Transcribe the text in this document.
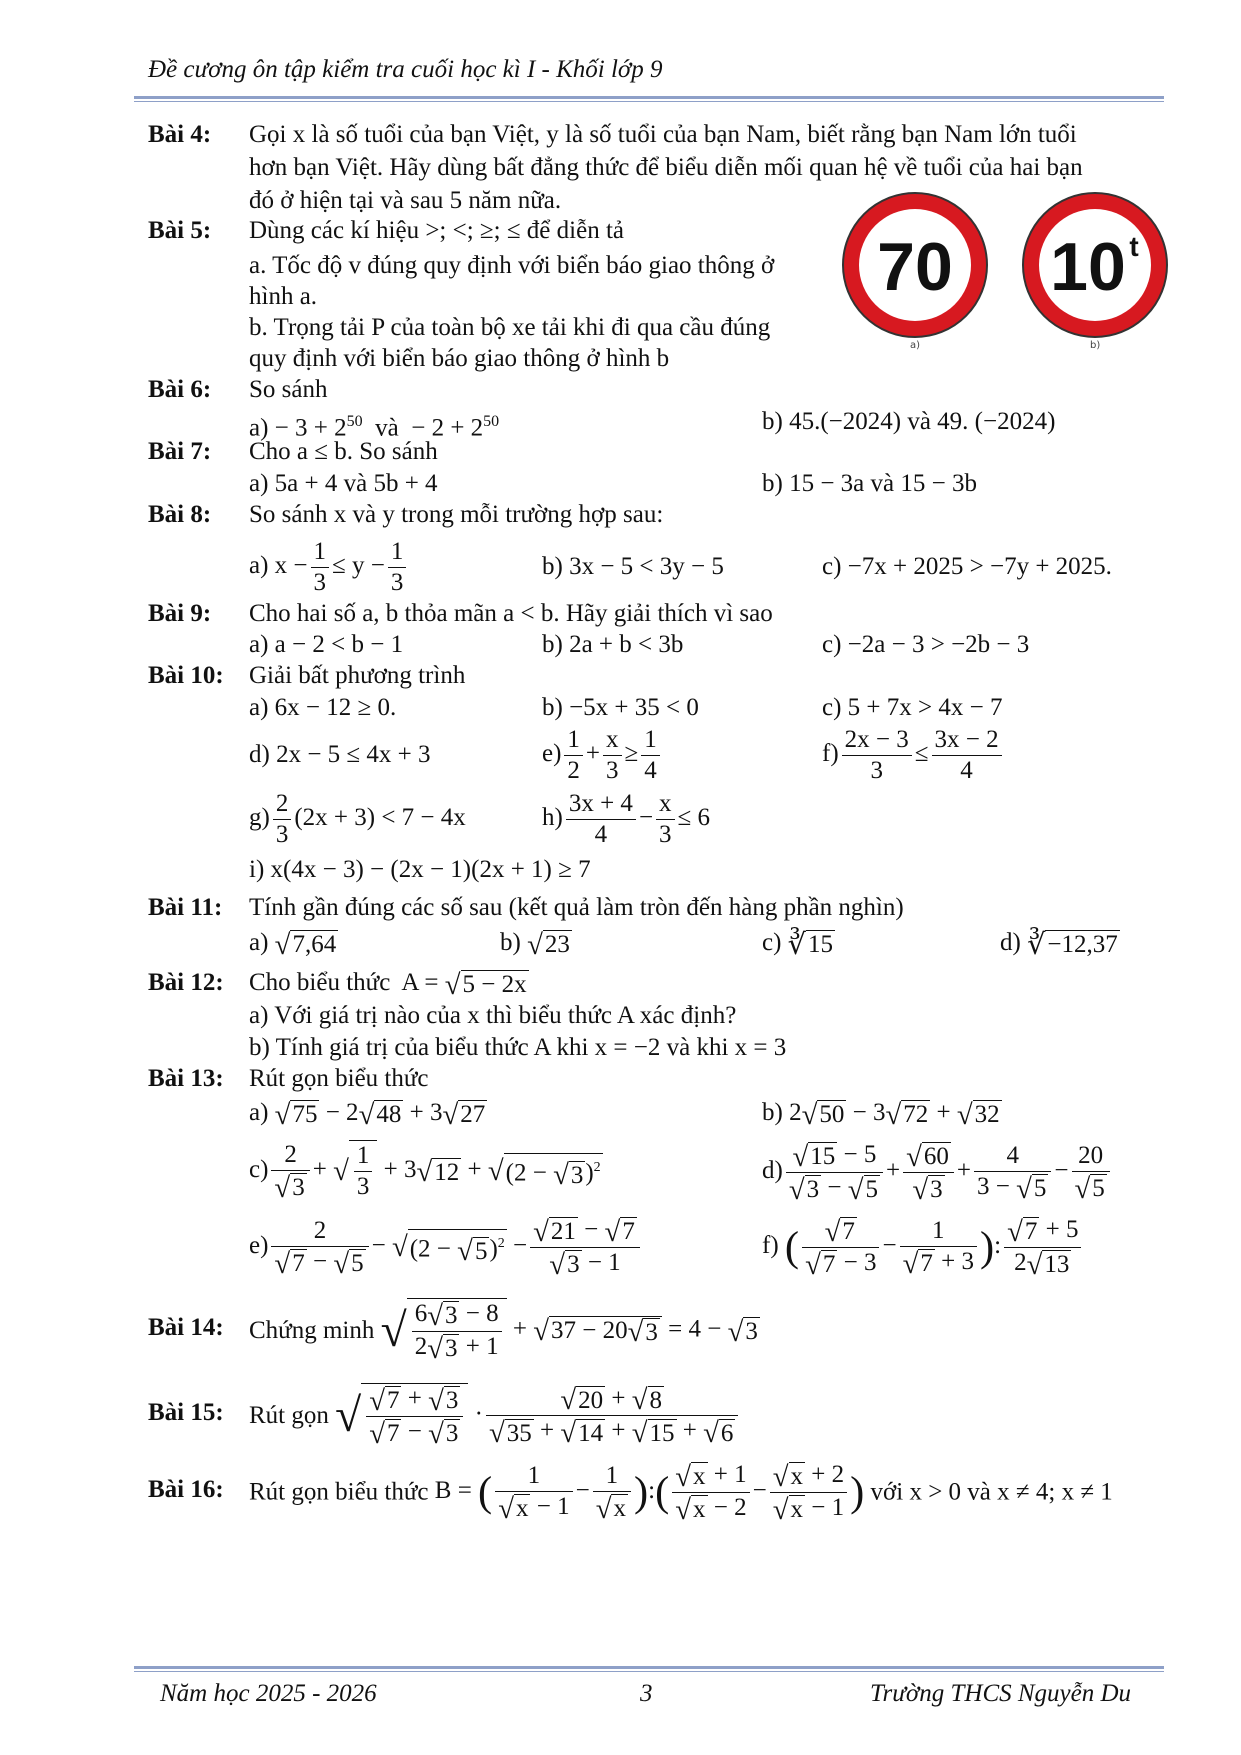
Đề cương ôn tập kiểm tra cuối học kì I - Khối lớp 9
Bài 4: Gọi x là số tuổi của bạn Việt, y là số tuổi của bạn Nam, biết rằng bạn Nam lớn tuổi
hơn bạn Việt. Hãy dùng bất đẳng thức để biểu diễn mối quan hệ về tuổi của hai bạn
đó ở hiện tại và sau 5 năm nữa.
Bài 5: Dùng các kí hiệu >; <; ≥; ≤ để diễn tả
a. Tốc độ v đúng quy định với biển báo giao thông ở
hình a.
b. Trọng tải P của toàn bộ xe tải khi đi qua cầu đúng
quy định với biển báo giao thông ở hình b
70
a)
10 t
b)
Bài 6: So sánh
$a) - 3 + 2^{50}$  và  − $2 + 2^{50}$	b) 45.(−2024) và 49. (−2024)
Bài 7: Cho a ≤ b. So sánh
a) 5a + 4 và 5b + 4	b) 15 − 3a và 15 − 3b
Bài 8: So sánh x và y trong mỗi trường hợp sau:
a) $x - \frac{1}{3} \le y - \frac{1}{3}$	b) 3x − 5 < 3y − 5	c) −7x + 2025 > −7y + 2025.
Bài 9: Cho hai số a, b thỏa mãn a < b. Hãy giải thích vì sao
a) a − 2 < b − 1	b) 2a + b < 3b	c) −2a − 3 > −2b − 3
Bài 10: Giải bất phương trình
a) 6x − 12 ≥ 0.	b) −5x + 35 < 0	c) 5 + 7x > 4x − 7
d) 2x − 5 ≤ 4x + 3	$e) \frac{1}{2} + \frac{x}{3} \ge \frac{1}{4}$	$f) \frac{2x - 3}{3} \le \frac{3x - 2}{4}$
$g) \frac{2}{3} (2x + 3) < 7 - 4x$	$h) \frac{3x + 4}{4} - \frac{x}{3} \le 6$
i) x(4x − 3) − (2x − 1)(2x + 1) ≥ 7
Bài 11: Tính gần đúng các số sau (kết quả làm tròn đến hàng phần nghìn)
a) √7,64	b) √23	c) ∛15	d) ∛−12,37
Bài 12: Cho biểu thức  A = √5 − 2x
a) Với giá trị nào của x thì biểu thức A xác định?
b) Tính giá trị của biểu thức A khi x = −2 và khi x = 3
Bài 13: Rút gọn biểu thức
a) √75 − 2√48 + 3√27	b) 2√50 − 3√72 + √32
$c) \frac{2}{√3}$ + √ $\frac{1}{3} + 3√12 + √(2 - √3)^2$	$d) \frac{√15 - 5}{√3 - √5} + \frac{√60}{√3} + \frac{4}{3 - √5} - \frac{20}{√5}$
$e) \frac{2}{√7 - √5} - √(2 - √5)^2 - \frac{√21 - √7}{√3 - 1}$	f) ( $\frac{√7}{√7 - 3} - \frac{1}{√7 + 3}$ ): $\frac{√7 + 5}{2√13}$
Bài 14: Chứng minh √ $\frac{6√3 - 8}{2√3 + 1} + √37 - 20√3 = 4 - √3$
Bài 15: Rút gọn √ $\frac{√7 + √3}{√7 - √3} \cdot \frac{√20 + √8}{√35 + √14 + √15 + √6}$
Bài 16: Rút gọn biểu thức B = ( $\frac{1}{√x - 1} - \frac{1}{√x}$ ):( $\frac{√x + 1}{√x - 2} - \frac{√x + 2}{√x - 1}$ ) với x > 0 và x ≠ 4; x ≠ 1
Năm học 2025 - 2026	3	Trường THCS Nguyễn Du
